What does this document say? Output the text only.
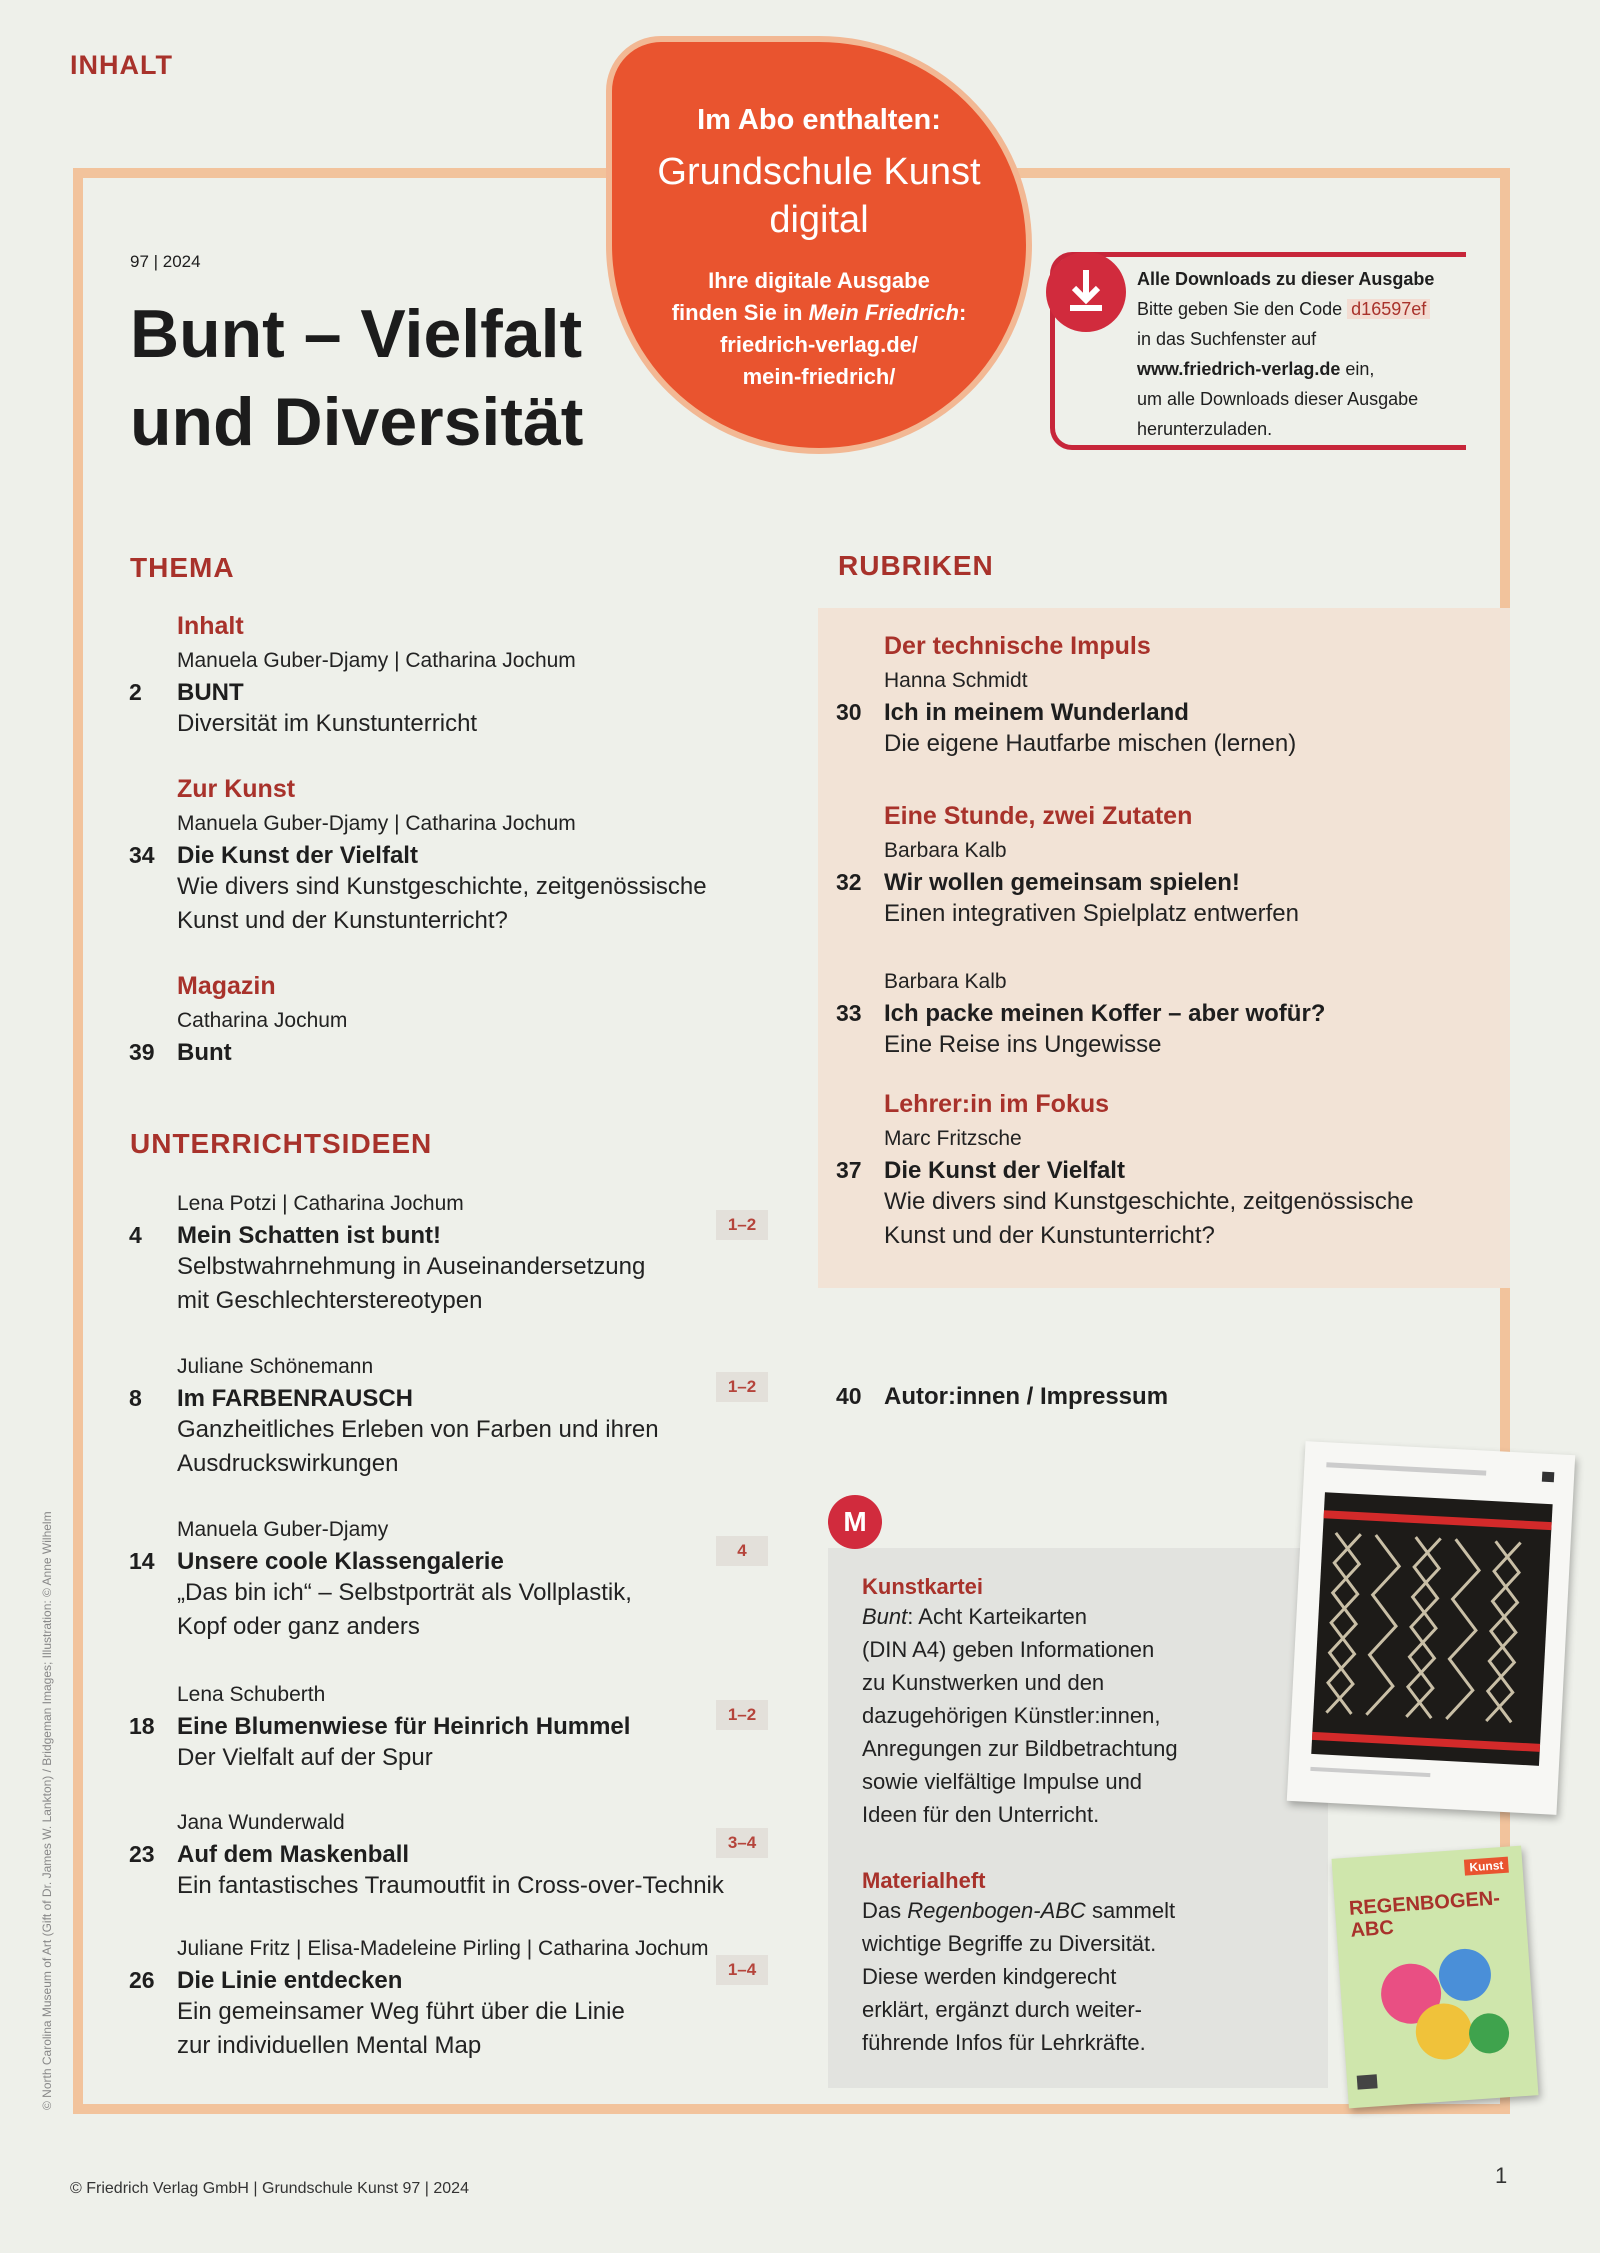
INHALT
97 | 2024
Bunt – Vielfalt
und Diversität
Im Abo enthalten:
Grundschule Kunst
digital
Ihre digitale Ausgabe
finden Sie in Mein Friedrich:
friedrich-verlag.de/
mein-friedrich/
Alle Downloads zu dieser Ausgabe
Bitte geben Sie den Code d16597ef
in das Suchfenster auf
www.friedrich-verlag.de ein,
um alle Downloads dieser Ausgabe
herunterzuladen.
THEMA
Inhalt
Manuela Guber-Djamy | Catharina Jochum
2 BUNT
Diversität im Kunstunterricht
Zur Kunst
Manuela Guber-Djamy | Catharina Jochum
34 Die Kunst der Vielfalt
Wie divers sind Kunstgeschichte, zeitgenössische
Kunst und der Kunstunterricht?
Magazin
Catharina Jochum
39 Bunt
UNTERRICHTSIDEEN
Lena Potzi | Catharina Jochum
4 Mein Schatten ist bunt!
Selbstwahrnehmung in Auseinandersetzung
mit Geschlechterstereotypen
1–2
Juliane Schönemann
8 Im FARBENRAUSCH
Ganzheitliches Erleben von Farben und ihren
Ausdruckswirkungen
1–2
Manuela Guber-Djamy
14 Unsere coole Klassengalerie
„Das bin ich“ – Selbstporträt als Vollplastik,
Kopf oder ganz anders
4
Lena Schuberth
18 Eine Blumenwiese für Heinrich Hummel
Der Vielfalt auf der Spur
1–2
Jana Wunderwald
23 Auf dem Maskenball
Ein fantastisches Traumoutfit in Cross-over-Technik
3–4
Juliane Fritz | Elisa-Madeleine Pirling | Catharina Jochum
26 Die Linie entdecken
Ein gemeinsamer Weg führt über die Linie
zur individuellen Mental Map
1–4
RUBRIKEN
Der technische Impuls
Hanna Schmidt
30 Ich in meinem Wunderland
Die eigene Hautfarbe mischen (lernen)
Eine Stunde, zwei Zutaten
Barbara Kalb
32 Wir wollen gemeinsam spielen!
Einen integrativen Spielplatz entwerfen
Barbara Kalb
33 Ich packe meinen Koffer – aber wofür?
Eine Reise ins Ungewisse
Lehrer:in im Fokus
Marc Fritzsche
37 Die Kunst der Vielfalt
Wie divers sind Kunstgeschichte, zeitgenössische
Kunst und der Kunstunterricht?
40 Autor:innen / Impressum
M
Kunstkartei
Bunt: Acht Karteikarten
(DIN A4) geben Informationen
zu Kunstwerken und den
dazugehörigen Künstler:innen,
Anregungen zur Bildbetrachtung
sowie vielfältige Impulse und
Ideen für den Unterricht.
Materialheft
Das Regenbogen-ABC sammelt
wichtige Begriffe zu Diversität.
Diese werden kindgerecht
erklärt, ergänzt durch weiter-
führende Infos für Lehrkräfte.
Kunst
REGENBOGEN-
ABC
© North Carolina Museum of Art (Gift of Dr. James W. Lankton) / Bridgeman Images; Illustration: © Anne Wilhelm
© Friedrich Verlag GmbH | Grundschule Kunst 97 | 2024
1
